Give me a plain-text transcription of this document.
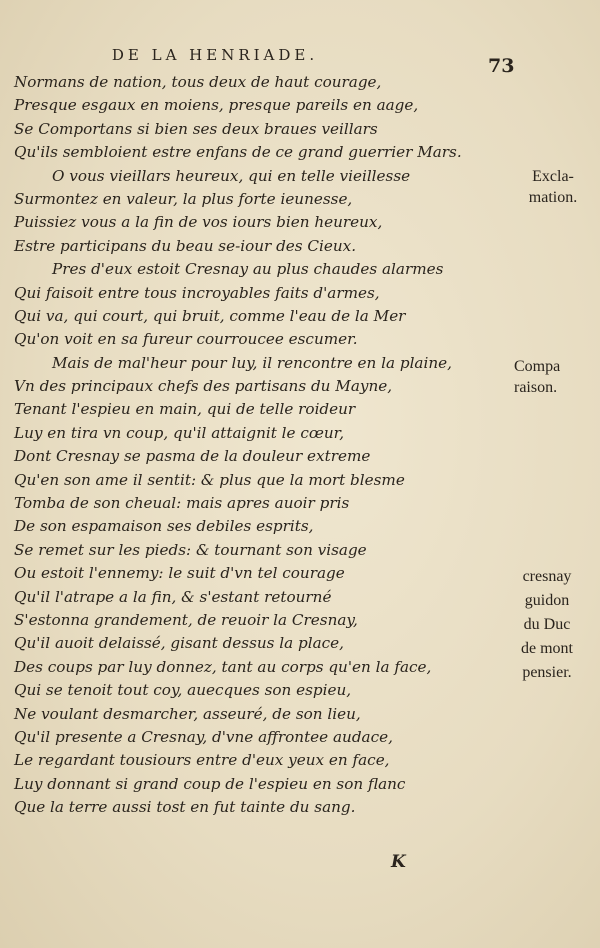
DE LA HENRIADE.	73
Normans de nation, tous deux de haut courage,
Presque esgaux en moiens, presque pareils en aage,
Se Comportans si bien ses deux braues veillars
Qu'ils sembloient estre enfans de ce grand guerrier Mars.
O vous vieillars heureux, qui en telle vieillesse
Surmontez en valeur, la plus forte ieunesse,
Puissiez vous a la fin de vos iours bien heureux,
Estre participans du beau se-iour des Cieux.
Pres d'eux estoit Cresnay au plus chaudes alarmes
Qui faisoit entre tous incroyables faits d'armes,
Qui va, qui court, qui bruit, comme l'eau de la Mer
Qu'on voit en sa fureur courroucee escumer.
Mais de mal'heur pour luy, il rencontre en la plaine,
Vn des principaux chefs des partisans du Mayne,
Tenant l'espieu en main, qui de telle roideur
Luy en tira vn coup, qu'il attaignit le cœur,
Dont Cresnay se pasma de la douleur extreme
Qu'en son ame il sentit: & plus que la mort blesme
Tomba de son cheual: mais apres auoir pris
De son espamaison ses debiles esprits,
Se remet sur les pieds: & tournant son visage
Ou estoit l'ennemy: le suit d'vn tel courage
Qu'il l'atrape a la fin, & s'estant retourné
S'estonna grandement, de reuoir la Cresnay,
Qu'il auoit delaissé, gisant dessus la place,
Des coups par luy donnez, tant au corps qu'en la face,
Qui se tenoit tout coy, auecques son espieu,
Ne voulant desmarcher, asseuré, de son lieu,
Qu'il presente a Cresnay, d'vne affrontee audace,
Le regardant tousiours entre d'eux yeux en face,
Luy donnant si grand coup de l'espieu en son flanc
Que la terre aussi tost en fut tainte du sang.
Excla-
mation.
Compa
raison.
cresnay
guidon
du Duc
de mont
pensier.
K
